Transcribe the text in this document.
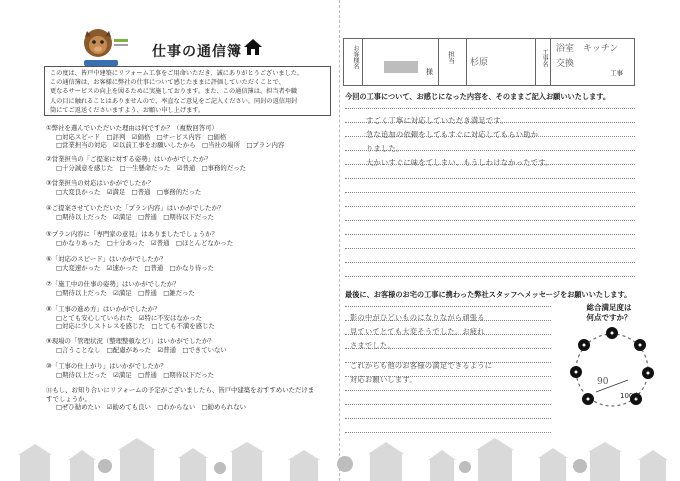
仕事の通信簿
この度は、皆戸中建築にリフォーム工事をご用命いただき、誠にありがとうございました。
この通信簿は、お客様に弊社の仕事について感じたままに評価していただくことで、
更なるサービスの向上を図るために実施しております。また、この通信簿は、担当者や職
人の目に触れることはありませんので、率直なご意見をご記入ください。同封の返信用封
筒にてご返送くださいますよう、お願い申し上げます。
①弊社を選んでいただいた理由は何ですか？（複数回答可）
□対応スピード　□評判　☑価格　□サービス内容　□価格
□営業担当の対応　☑以前工事をお願いしたから　□当社の場所　□プラン内容
②営業担当の「ご提案に対する姿勢」はいかがでしたか？
□十分誠意を感じた　□一生懸命だった　☑普通　□事務的だった
③営業担当の対応はいかがでしたか？
□大変良かった　☑満足　□普通　□事務的だった
④ご提案させていただいた「プラン内容」はいかがでしたか？
□期待以上だった　☑満足　□普通　□期待以下だった
⑤プラン内容に「専門家の意見」はありましたでしょうか？
□かなりあった　□十分あった　☑普通　□ほとんどなかった
⑥「対応のスピード」はいかがでしたか？
□大変速かった　☑速かった　□普通　□かなり待った
⑦「施工中の仕事の姿勢」はいかがでしたか？
□期待以上だった　☑満足　□普通　□雑だった
⑧「工事の進め方」はいかがでしたか？
□とても安心していられた　☑特に不安はなかった
□対応に少しストレスを感じた　□とても不満を感じた
⑨現場の「管理状況（整理整頓など）」はいかがでしたか？
□言うことなし　□配慮があった　☑普通　□できていない
⑩「工事の仕上がり」はいかがでしたか？
□期待以上だった　☑満足　□普通　□期待以下だった
⑪もし、お知り合いにリフォームの予定がございましたら、皆戸中建築をおすすめいただけますでしょうか。
□ぜひ勧めたい　☑勧めても良い　□わからない　□勧められない
お客様名
様
担当	工事名
工事
杉原
浴室　キッチン
交換
今回の工事について、お感じになった内容を、そのままご記入お願いいたします。
すごく丁寧に対応していただき満足です。
急な追加の依頼をしてもすぐに対応してもらい助か
りました。
大かいすぐに味をてしまい、もうしわけなかったです。
最後に、お客様のお宅の工事に携わった弊社スタッフへメッセージをお願いいたします。
影の中がひどいものになりながら頑張る
見ていてとても大変そうでした。お疲れ
さまでした。
これからも他のお客様の満足できるように
対応お願いします。
総合満足度は
何点ですか？
90
100点
